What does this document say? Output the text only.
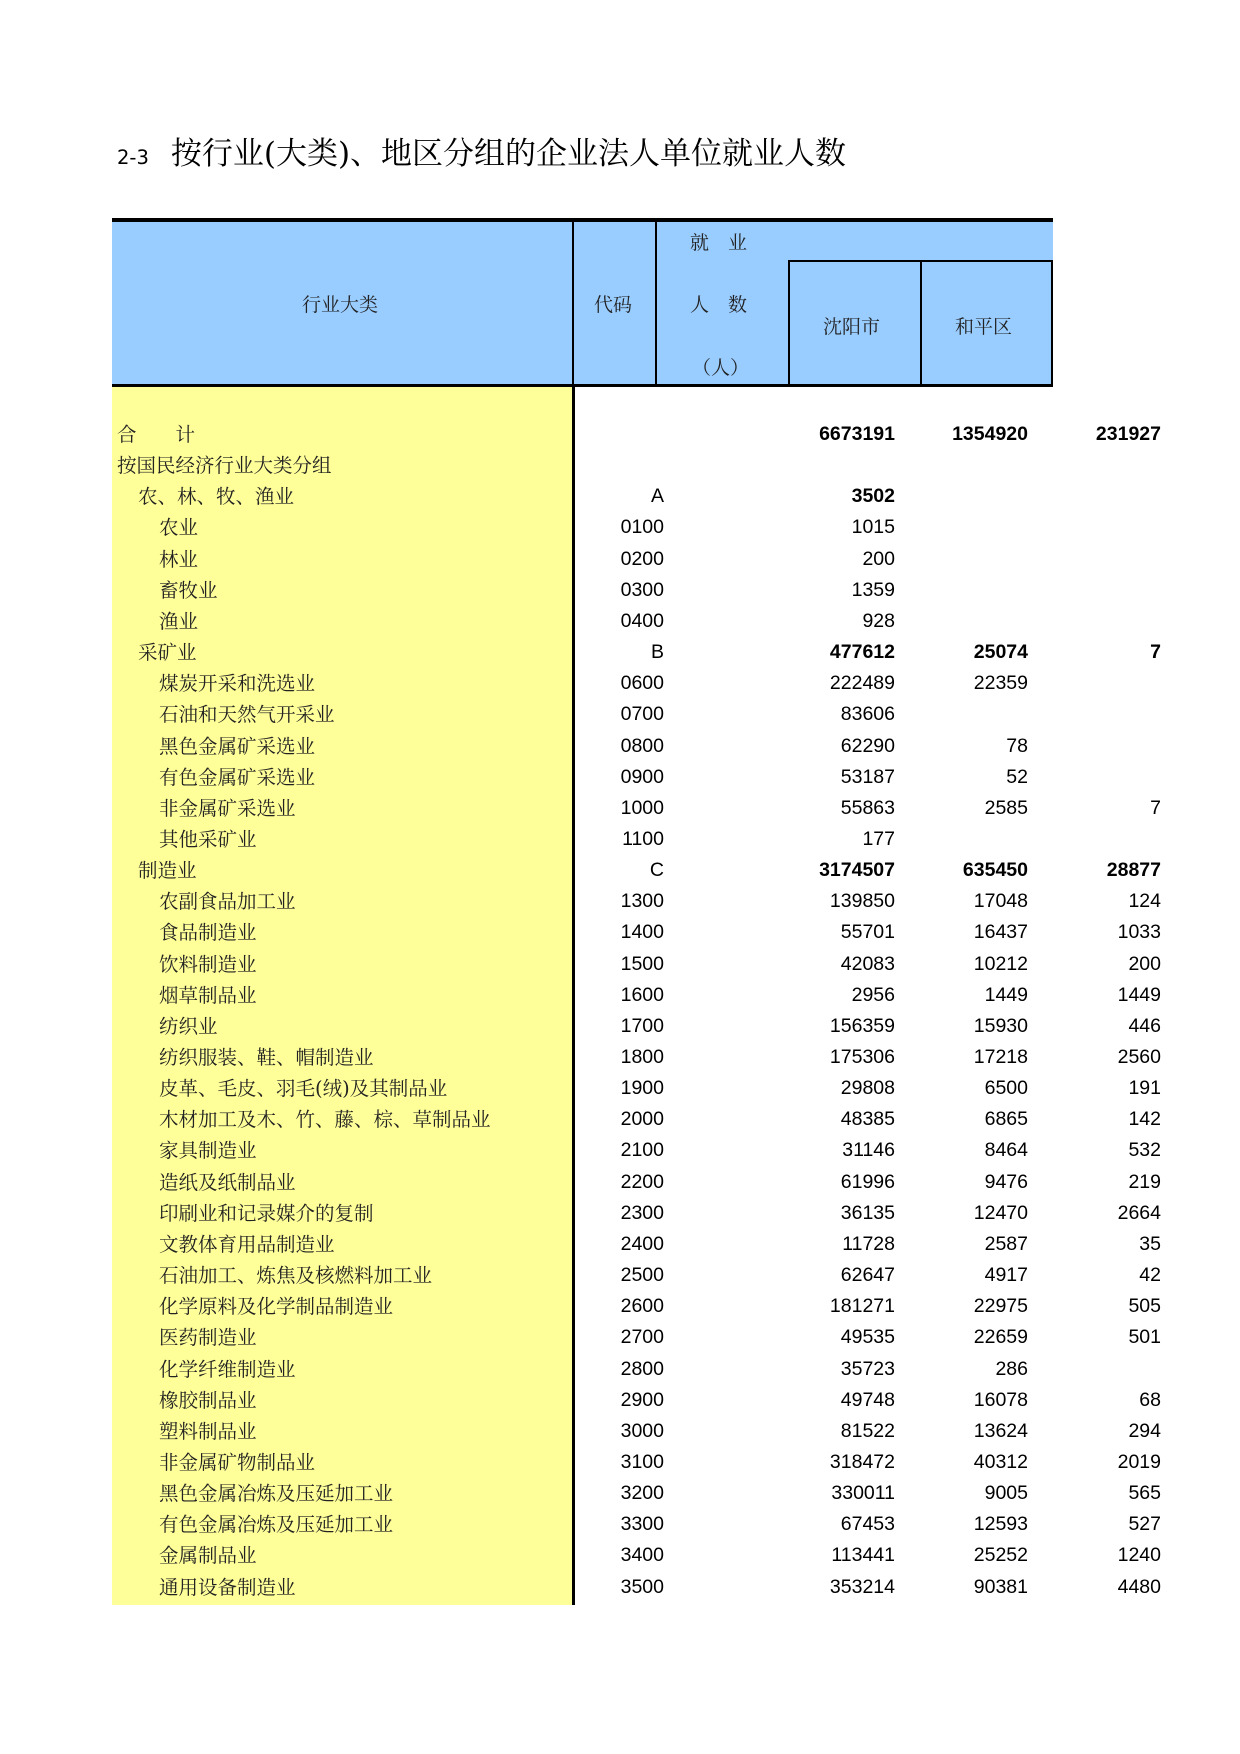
2-3 按行业(大类)、地区分组的企业法人单位就业人数
行业大类	代码
就　业
人　数
（人）
沈阳市	和平区
合　　计	6673191	1354920	231927
按国民经济行业大类分组
农、林、牧、渔业	A	3502
农业	0100	1015
林业	0200	200
畜牧业	0300	1359
渔业	0400	928
采矿业	B	477612	25074	7
煤炭开采和洗选业	0600	222489	22359
石油和天然气开采业	0700	83606
黑色金属矿采选业	0800	62290	78
有色金属矿采选业	0900	53187	52
非金属矿采选业	1000	55863	2585	7
其他采矿业	1100	177
制造业	C	3174507	635450	28877
农副食品加工业	1300	139850	17048	124
食品制造业	1400	55701	16437	1033
饮料制造业	1500	42083	10212	200
烟草制品业	1600	2956	1449	1449
纺织业	1700	156359	15930	446
纺织服装、鞋、帽制造业	1800	175306	17218	2560
皮革、毛皮、羽毛(绒)及其制品业	1900	29808	6500	191
木材加工及木、竹、藤、棕、草制品业	2000	48385	6865	142
家具制造业	2100	31146	8464	532
造纸及纸制品业	2200	61996	9476	219
印刷业和记录媒介的复制	2300	36135	12470	2664
文教体育用品制造业	2400	11728	2587	35
石油加工、炼焦及核燃料加工业	2500	62647	4917	42
化学原料及化学制品制造业	2600	181271	22975	505
医药制造业	2700	49535	22659	501
化学纤维制造业	2800	35723	286
橡胶制品业	2900	49748	16078	68
塑料制品业	3000	81522	13624	294
非金属矿物制品业	3100	318472	40312	2019
黑色金属冶炼及压延加工业	3200	330011	9005	565
有色金属冶炼及压延加工业	3300	67453	12593	527
金属制品业	3400	113441	25252	1240
通用设备制造业	3500	353214	90381	4480
